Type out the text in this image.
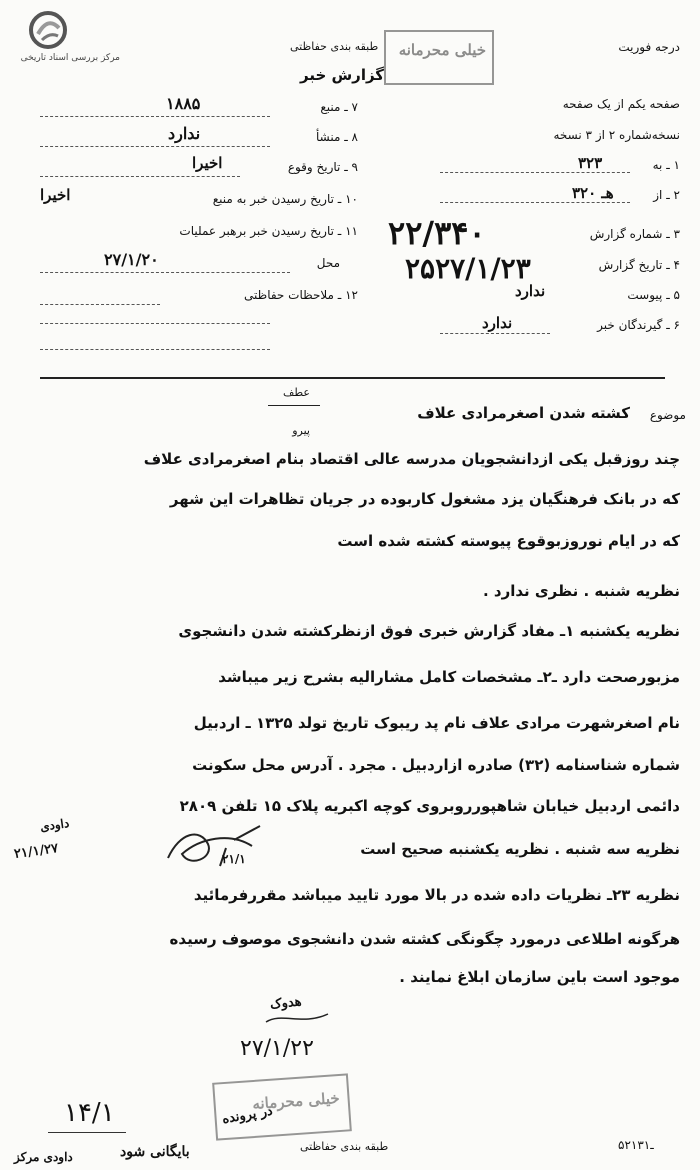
مرکز بررسی اسناد تاریخی
درجه فوریت
طبقه بندی حفاظتی
گزارش خبر
خیلی محرمانه
صفحه یکم از یک صفحه
نسخه‌شماره ۲ از ۳ نسخه
۱ ـ به
۳۲۳
۲ ـ از
۳۲۰ هـ
۳ ـ شماره گزارش
۲۲/۳۴۰
۴ ـ تاریخ گزارش
۲۵۲۷/۱/۲۳
۵ ـ پیوست
ندارد
۶ ـ گیرندگان خبر
ندارد
۷ ـ منبع
۱۸۸۵
۸ ـ منشأ
ندارد
۹ ـ تاریخ وقوع
اخیرا
۱۰ ـ تاریخ رسیدن خبر به منبع
اخیرا
۱۱ ـ تاریخ رسیدن خبر برهبر عملیات
محل
۲۷/۱/۲۰
۱۲ ـ ملاحظات حفاظتی
عطف
پیرو
موضوع
کشته شدن اصغرمرادی علاف
چند روزقبل یکی ازدانشجویان مدرسه عالی اقتصاد بنام اصغرمرادی علاف
که در بانک فرهنگیان یزد مشغول کاربوده در جریان تظاهرات این شهر
که در ایام نوروزبوقوع پیوسته کشته شده است
نظریه شنبه . نظری ندارد .
نظریه یکشنبه ۱ـ مفاد گزارش خبری فوق ازنظرکشته شدن دانشجوی
مزبورصحت دارد ـ۲ـ مشخصات کامل مشارالیه بشرح زیر میباشد
نام اصغرشهرت مرادی علاف نام پد ریبوک تاریخ تولد ۱۳۲۵ ـ اردبیل
شماره شناسنامه (۳۲) صادره ازاردبیل . مجرد . آدرس محل سکونت
دائمی اردبیل خیابان شاهپورروبروی کوچه اکبریه پلاک ۱۵ تلفن ۲۸۰۹
نظریه سه شنبه . نظریه یکشنبه صحیح است
نظریه ۲۳ـ نظریات داده شده در بالا مورد تایید میباشد مقررفرمائید
هرگونه اطلاعی درمورد چگونگی کشته شدن دانشجوی موصوف رسیده
موجود است باین سازمان ابلاغ نمایند .
داودی
۲۱/۱/۲۷	۲۱/۱
هدوک
۲۷/۱/۲۲
خیلی محرمانه
در پرونده
۱۴/۱
بایگانی شود
داودی مرکز
طبقه بندی حفاظتی	۵۲ـ۱۳۱
